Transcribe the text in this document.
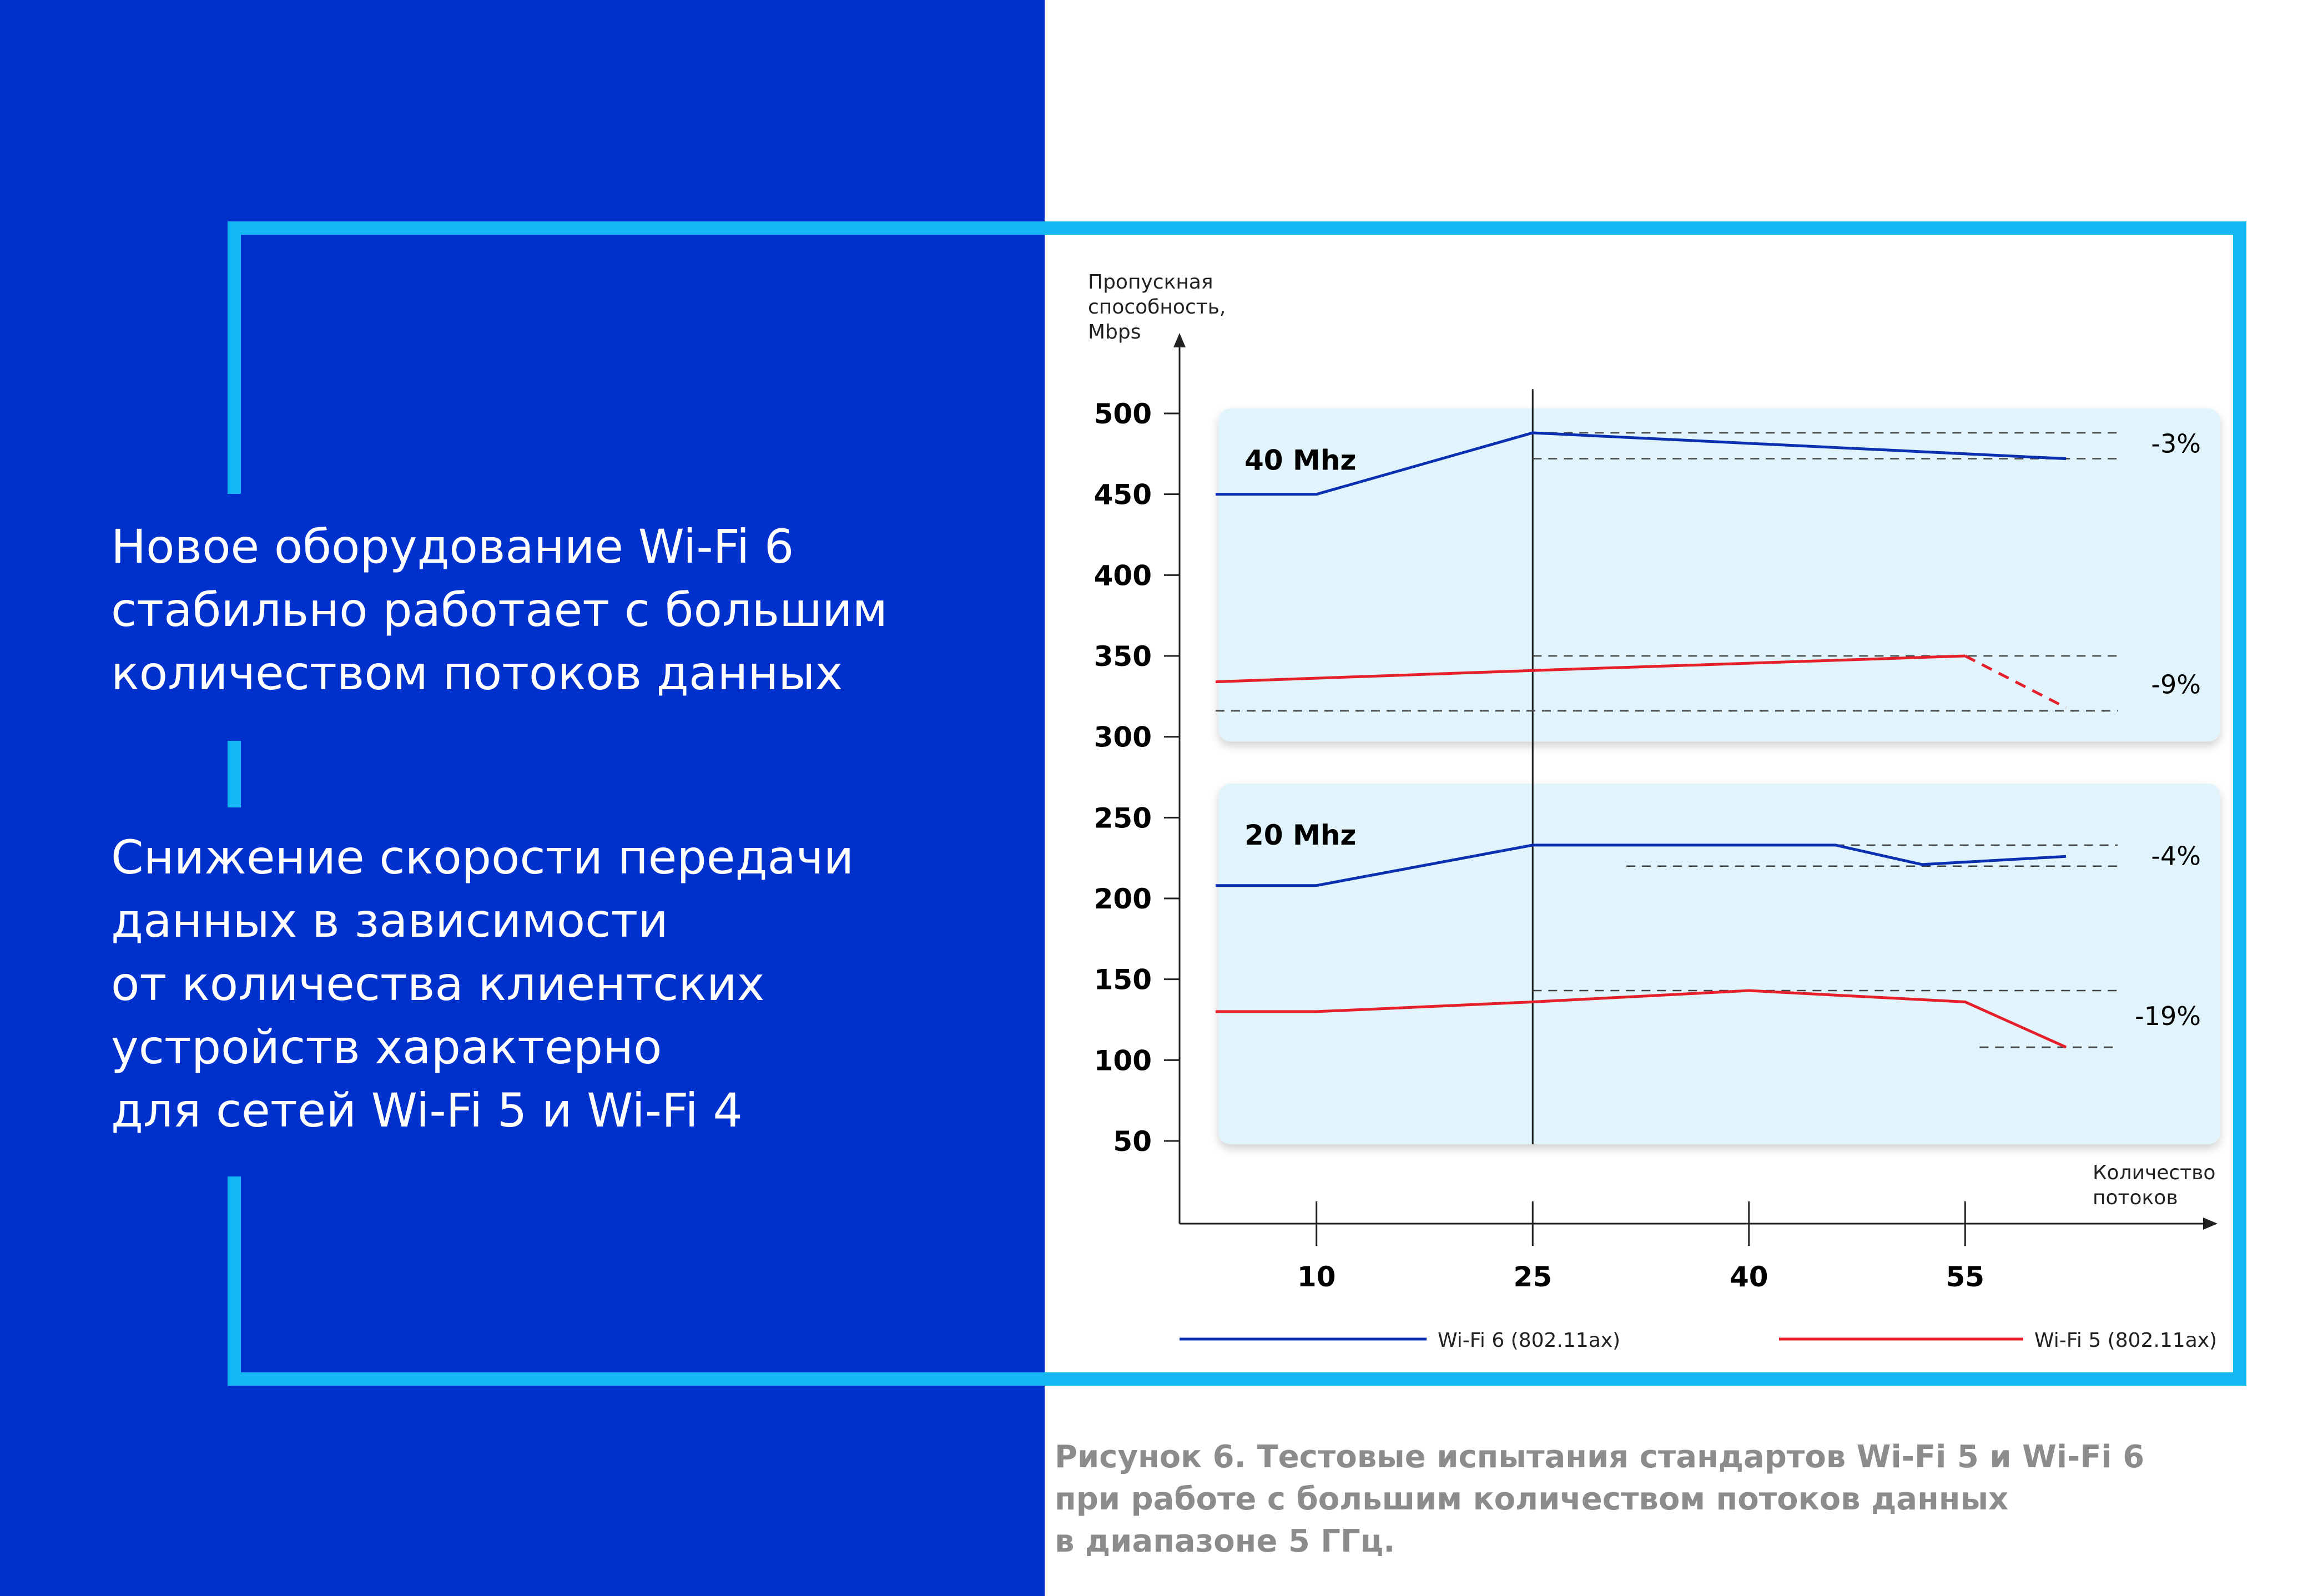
Новое оборудование Wi-Fi 6
стабильно работает с большим
количеством потоков данных
Снижение скорости передачи
данных в зависимости
от количества клиентских
устройств характерно
для сетей Wi-Fi 5 и Wi-Fi 4
40 Mhz
20 Mhz
50
100
150
200
250
300
350
400
450
500
10	25	40	55
Пропускная
способность,
Mbps
Количество
потоков
-3%
-9%
-4%
-19%
Wi-Fi 6 (802.11ax)	Wi-Fi 5 (802.11ax)
Рисунок 6. Тестовые испытания стандартов Wi-Fi 5 и Wi-Fi 6
при работе с большим количеством потоков данных
в диапазоне 5 ГГц.
